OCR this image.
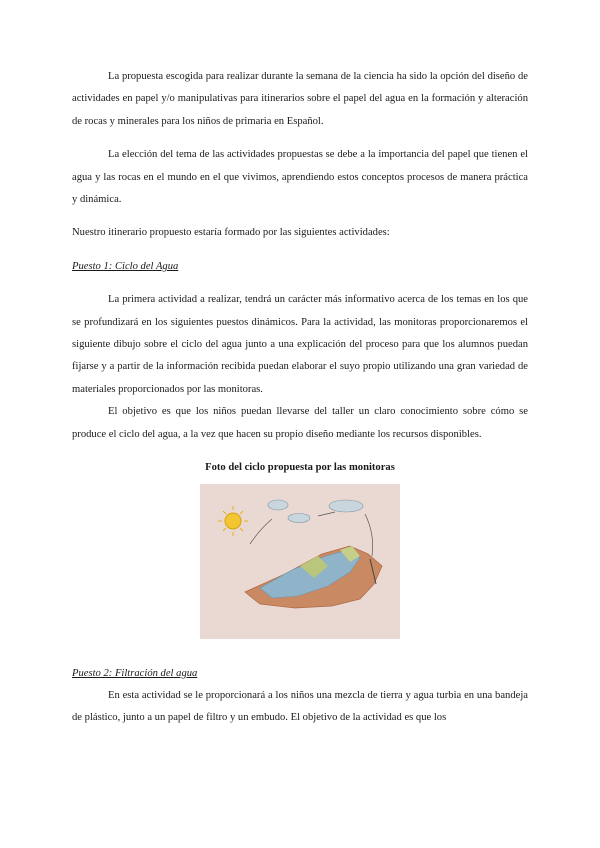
La propuesta escogida para realizar durante la semana de la ciencia ha sido la opción del diseño de actividades en papel y/o manipulativas para itinerarios sobre el papel del agua en la formación y alteración de rocas y minerales para los niños de primaria en Español.

La elección del tema de las actividades propuestas se debe a la importancia del papel que tienen el agua y las rocas en el mundo en el que vivimos, aprendiendo estos conceptos procesos de manera práctica y dinámica.

Nuestro itinerario propuesto estaría formado por las siguientes actividades:

Puesto 1: Ciclo del Agua

La primera actividad a realizar, tendrá un carácter más informativo acerca de los temas en los que se profundizará en los siguientes puestos dinámicos. Para la actividad, las monitoras proporcionaremos el siguiente dibujo sobre el ciclo del agua junto a una explicación del proceso para que los alumnos puedan fijarse y a partir de la información recibida puedan elaborar el suyo propio utilizando una gran variedad de materiales proporcionados por las monitoras.

El objetivo es que los niños puedan llevarse del taller un claro conocimiento sobre cómo se produce el ciclo del agua, a la vez que hacen su propio diseño mediante los recursos disponibles.

Foto del ciclo propuesta por las monitoras

Puesto 2: Filtración del agua

En esta actividad se le proporcionará a los niños una mezcla de tierra y agua turbia en una bandeja de plástico, junto a un papel de filtro y un embudo. El objetivo de la actividad es que los
